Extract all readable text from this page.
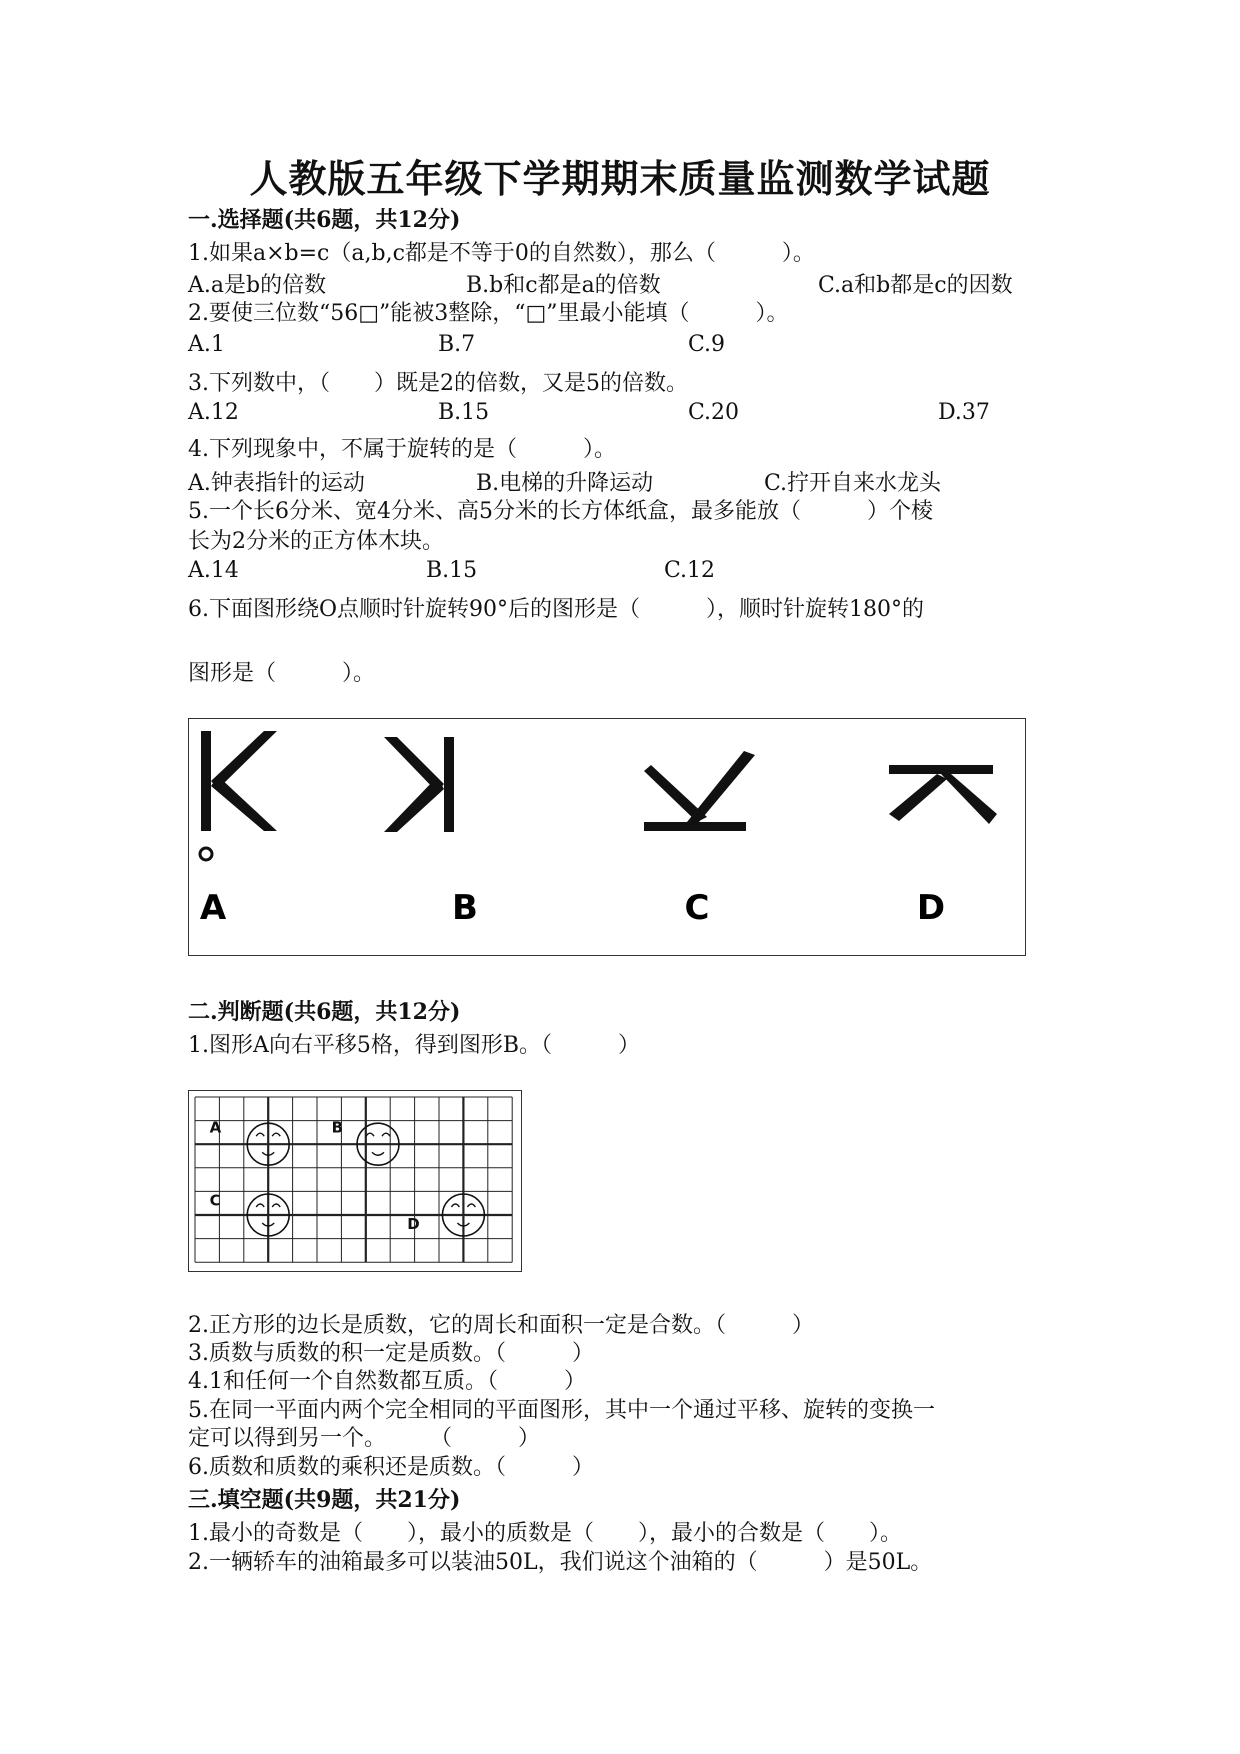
人教版五年级下学期期末质量监测数学试题
一.选择题(共6题，共12分)
1.如果a×b=c（a,b,c都是不等于0的自然数），那么（　　　）。
A.a是b的倍数	B.b和c都是a的倍数	C.a和b都是c的因数
2.要使三位数“56□”能被3整除，“□”里最小能填（　　　）。
A.1	B.7	C.9
3.下列数中，（　　）既是2的倍数，又是5的倍数。
A.12	B.15	C.20	D.37
4.下列现象中，不属于旋转的是（　　　）。
A.钟表指针的运动	B.电梯的升降运动	C.拧开自来水龙头
5.一个长6分米、宽4分米、高5分米的长方体纸盒，最多能放（　　　）个棱
长为2分米的正方体木块。
A.14	B.15	C.12
6.下面图形绕O点顺时针旋转90°后的图形是（　　　），顺时针旋转180°的
图形是（　　　）。
A	B	C	D
二.判断题(共6题，共12分)
1.图形A向右平移5格，得到图形B。（　　　）
A	B
C
D
2.正方形的边长是质数，它的周长和面积一定是合数。（　　　）
3.质数与质数的积一定是质数。（　　　）
4.1和任何一个自然数都互质。（　　　）
5.在同一平面内两个完全相同的平面图形，其中一个通过平移、旋转的变换一
定可以得到另一个。　　　（　　　）
6.质数和质数的乘积还是质数。（　　　）
三.填空题(共9题，共21分)
1.最小的奇数是（　　），最小的质数是（　　），最小的合数是（　　）。
2.一辆轿车的油箱最多可以装油50L，我们说这个油箱的（　　　）是50L。
